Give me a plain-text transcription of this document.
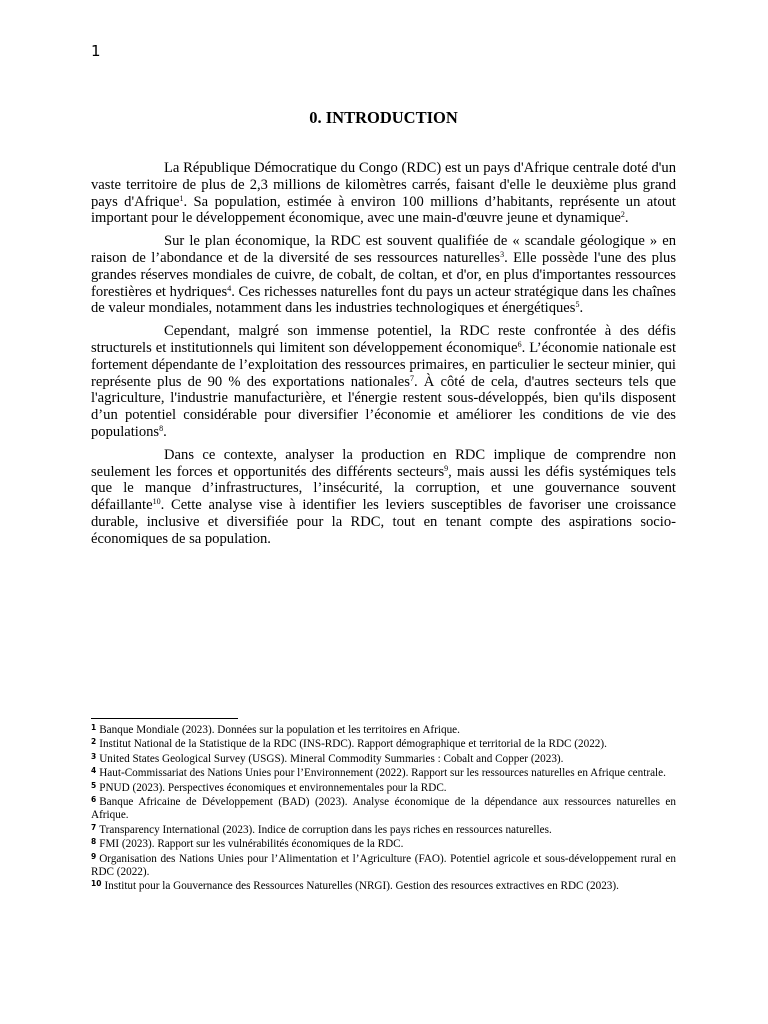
1
0. INTRODUCTION

La République Démocratique du Congo (RDC) est un pays d'Afrique centrale doté d'un vaste territoire de plus de 2,3 millions de kilomètres carrés, faisant d'elle le deuxième plus grand pays d'Afrique$^1$. Sa population, estimée à environ 100 millions d’habitants, représente un atout important pour le développement économique, avec une main-d'œuvre jeune et dynamique$^2$.

Sur le plan économique, la RDC est souvent qualifiée de « scandale géologique » en raison de l’abondance et de la diversité de ses ressources naturelles$^3$. Elle possède l'une des plus grandes réserves mondiales de cuivre, de cobalt, de coltan, et d'or, en plus d'importantes ressources forestières et hydriques$^4$. Ces richesses naturelles font du pays un acteur stratégique dans les chaînes de valeur mondiales, notamment dans les industries technologiques et énergétiques$^5$.

Cependant, malgré son immense potentiel, la RDC reste confrontée à des défis structurels et institutionnels qui limitent son développement économique$^6$. L’économie nationale est fortement dépendante de l’exploitation des ressources primaires, en particulier le secteur minier, qui représente plus de 90 % des exportations nationales$^7$. À côté de cela, d'autres secteurs tels que l'agriculture, l'industrie manufacturière, et l'énergie restent sous-développés, bien qu'ils disposent d’un potentiel considérable pour diversifier l’économie et améliorer les conditions de vie des populations$^8$.

Dans ce contexte, analyser la production en RDC implique de comprendre non seulement les forces et opportunités des différents secteurs$^9$, mais aussi les défis systémiques tels que le manque d’infrastructures, l’insécurité, la corruption, et une gouvernance souvent défaillante$^{10}$. Cette analyse vise à identifier les leviers susceptibles de favoriser une croissance durable, inclusive et diversifiée pour la RDC, tout en tenant compte des aspirations socio-économiques de sa population.

$^1$ Banque Mondiale (2023). Données sur la population et les territoires en Afrique.
$^2$ Institut National de la Statistique de la RDC (INS-RDC). Rapport démographique et territorial de la RDC (2022).
$^3$ United States Geological Survey (USGS). Mineral Commodity Summaries : Cobalt and Copper (2023).
$^4$ Haut-Commissariat des Nations Unies pour l’Environnement (2022). Rapport sur les ressources naturelles en Afrique centrale.
$^5$ PNUD (2023). Perspectives économiques et environnementales pour la RDC.
$^6$ Banque Africaine de Développement (BAD) (2023). Analyse économique de la dépendance aux ressources naturelles en Afrique.
$^7$ Transparency International (2023). Indice de corruption dans les pays riches en ressources naturelles.
$^8$ FMI (2023). Rapport sur les vulnérabilités économiques de la RDC.
$^9$ Organisation des Nations Unies pour l’Alimentation et l’Agriculture (FAO). Potentiel agricole et sous-développement rural en RDC (2022).
$^{10}$ Institut pour la Gouvernance des Ressources Naturelles (NRGI). Gestion des resources extractives en RDC (2023).
